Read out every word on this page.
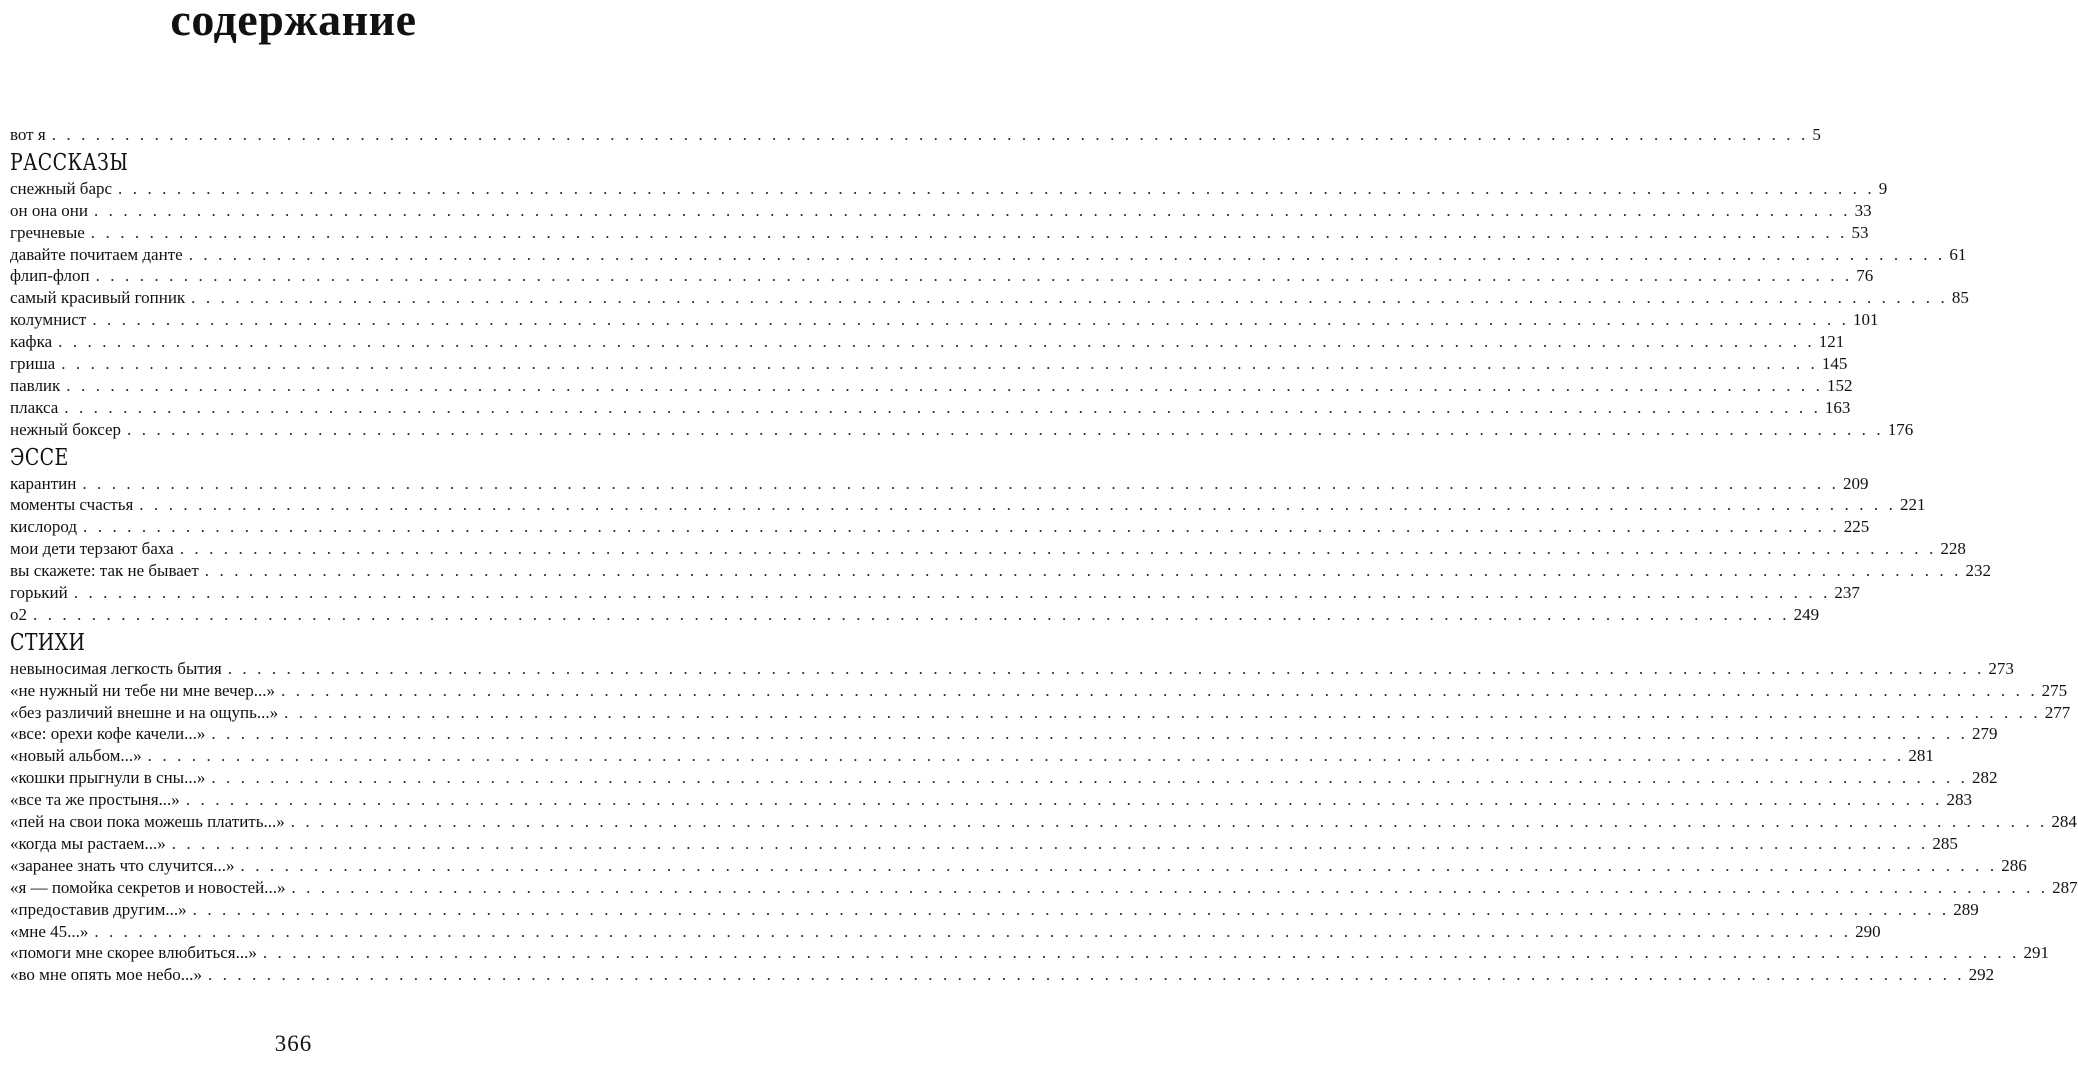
содержание
вот я . . . . . . . . . . . . . . . . . . . . . . . . . . . . . . . . . . . . . . . . . . . . . . . . . . . . . . . . . . . . . . . . . . . . . . . . . . . . . . . . . . . . . . . . . . . . . . . . . . . . . . . . . . . . . . . . . . . . . . . . 5
РАССКАЗЫ
снежный барс . . . . . . . . . . . . . . . . . . . . . . . . . . . . . . . . . . . . . . . . . . . . . . . . . . . . . . . . . . . . . . . . . . . . . . . . . . . . . . . . . . . . . . . . . . . . . . . . . . . . . . . . . . . . . . . . . . . . . . . . 9
он она они . . . . . . . . . . . . . . . . . . . . . . . . . . . . . . . . . . . . . . . . . . . . . . . . . . . . . . . . . . . . . . . . . . . . . . . . . . . . . . . . . . . . . . . . . . . . . . . . . . . . . . . . . . . . . . . . . . . . . . . . 33
гречневые . . . . . . . . . . . . . . . . . . . . . . . . . . . . . . . . . . . . . . . . . . . . . . . . . . . . . . . . . . . . . . . . . . . . . . . . . . . . . . . . . . . . . . . . . . . . . . . . . . . . . . . . . . . . . . . . . . . . . . . . 53
давайте почитаем данте . . . . . . . . . . . . . . . . . . . . . . . . . . . . . . . . . . . . . . . . . . . . . . . . . . . . . . . . . . . . . . . . . . . . . . . . . . . . . . . . . . . . . . . . . . . . . . . . . . . . . . . . . . . . . . . . . . . . . . . . 61
флип-флоп . . . . . . . . . . . . . . . . . . . . . . . . . . . . . . . . . . . . . . . . . . . . . . . . . . . . . . . . . . . . . . . . . . . . . . . . . . . . . . . . . . . . . . . . . . . . . . . . . . . . . . . . . . . . . . . . . . . . . . . . 76
самый красивый гопник . . . . . . . . . . . . . . . . . . . . . . . . . . . . . . . . . . . . . . . . . . . . . . . . . . . . . . . . . . . . . . . . . . . . . . . . . . . . . . . . . . . . . . . . . . . . . . . . . . . . . . . . . . . . . . . . . . . . . . . . 85
колумнист . . . . . . . . . . . . . . . . . . . . . . . . . . . . . . . . . . . . . . . . . . . . . . . . . . . . . . . . . . . . . . . . . . . . . . . . . . . . . . . . . . . . . . . . . . . . . . . . . . . . . . . . . . . . . . . . . . . . . . . . 101
кафка . . . . . . . . . . . . . . . . . . . . . . . . . . . . . . . . . . . . . . . . . . . . . . . . . . . . . . . . . . . . . . . . . . . . . . . . . . . . . . . . . . . . . . . . . . . . . . . . . . . . . . . . . . . . . . . . . . . . . . . . 121
гриша . . . . . . . . . . . . . . . . . . . . . . . . . . . . . . . . . . . . . . . . . . . . . . . . . . . . . . . . . . . . . . . . . . . . . . . . . . . . . . . . . . . . . . . . . . . . . . . . . . . . . . . . . . . . . . . . . . . . . . . . 145
павлик . . . . . . . . . . . . . . . . . . . . . . . . . . . . . . . . . . . . . . . . . . . . . . . . . . . . . . . . . . . . . . . . . . . . . . . . . . . . . . . . . . . . . . . . . . . . . . . . . . . . . . . . . . . . . . . . . . . . . . . . 152
плакса . . . . . . . . . . . . . . . . . . . . . . . . . . . . . . . . . . . . . . . . . . . . . . . . . . . . . . . . . . . . . . . . . . . . . . . . . . . . . . . . . . . . . . . . . . . . . . . . . . . . . . . . . . . . . . . . . . . . . . . . 163
нежный боксер . . . . . . . . . . . . . . . . . . . . . . . . . . . . . . . . . . . . . . . . . . . . . . . . . . . . . . . . . . . . . . . . . . . . . . . . . . . . . . . . . . . . . . . . . . . . . . . . . . . . . . . . . . . . . . . . . . . . . . . . 176
ЭССЕ
карантин . . . . . . . . . . . . . . . . . . . . . . . . . . . . . . . . . . . . . . . . . . . . . . . . . . . . . . . . . . . . . . . . . . . . . . . . . . . . . . . . . . . . . . . . . . . . . . . . . . . . . . . . . . . . . . . . . . . . . . . . 209
моменты счастья . . . . . . . . . . . . . . . . . . . . . . . . . . . . . . . . . . . . . . . . . . . . . . . . . . . . . . . . . . . . . . . . . . . . . . . . . . . . . . . . . . . . . . . . . . . . . . . . . . . . . . . . . . . . . . . . . . . . . . . . 221
кислород . . . . . . . . . . . . . . . . . . . . . . . . . . . . . . . . . . . . . . . . . . . . . . . . . . . . . . . . . . . . . . . . . . . . . . . . . . . . . . . . . . . . . . . . . . . . . . . . . . . . . . . . . . . . . . . . . . . . . . . . 225
мои дети терзают баха . . . . . . . . . . . . . . . . . . . . . . . . . . . . . . . . . . . . . . . . . . . . . . . . . . . . . . . . . . . . . . . . . . . . . . . . . . . . . . . . . . . . . . . . . . . . . . . . . . . . . . . . . . . . . . . . . . . . . . . . 228
вы скажете: так не бывает . . . . . . . . . . . . . . . . . . . . . . . . . . . . . . . . . . . . . . . . . . . . . . . . . . . . . . . . . . . . . . . . . . . . . . . . . . . . . . . . . . . . . . . . . . . . . . . . . . . . . . . . . . . . . . . . . . . . . . . . 232
горький . . . . . . . . . . . . . . . . . . . . . . . . . . . . . . . . . . . . . . . . . . . . . . . . . . . . . . . . . . . . . . . . . . . . . . . . . . . . . . . . . . . . . . . . . . . . . . . . . . . . . . . . . . . . . . . . . . . . . . . . 237
о2 . . . . . . . . . . . . . . . . . . . . . . . . . . . . . . . . . . . . . . . . . . . . . . . . . . . . . . . . . . . . . . . . . . . . . . . . . . . . . . . . . . . . . . . . . . . . . . . . . . . . . . . . . . . . . . . . . . . . . . . . 249
СТИХИ
невыносимая легкость бытия . . . . . . . . . . . . . . . . . . . . . . . . . . . . . . . . . . . . . . . . . . . . . . . . . . . . . . . . . . . . . . . . . . . . . . . . . . . . . . . . . . . . . . . . . . . . . . . . . . . . . . . . . . . . . . . . . . . . . . . . 273
«не нужный ни тебе ни мне вечер...» . . . . . . . . . . . . . . . . . . . . . . . . . . . . . . . . . . . . . . . . . . . . . . . . . . . . . . . . . . . . . . . . . . . . . . . . . . . . . . . . . . . . . . . . . . . . . . . . . . . . . . . . . . . . . . . . . . . . . . . . 275
«без различий внешне и на ощупь...» . . . . . . . . . . . . . . . . . . . . . . . . . . . . . . . . . . . . . . . . . . . . . . . . . . . . . . . . . . . . . . . . . . . . . . . . . . . . . . . . . . . . . . . . . . . . . . . . . . . . . . . . . . . . . . . . . . . . . . . . 277
«все: орехи кофе качели...» . . . . . . . . . . . . . . . . . . . . . . . . . . . . . . . . . . . . . . . . . . . . . . . . . . . . . . . . . . . . . . . . . . . . . . . . . . . . . . . . . . . . . . . . . . . . . . . . . . . . . . . . . . . . . . . . . . . . . . . . 279
«новый альбом...» . . . . . . . . . . . . . . . . . . . . . . . . . . . . . . . . . . . . . . . . . . . . . . . . . . . . . . . . . . . . . . . . . . . . . . . . . . . . . . . . . . . . . . . . . . . . . . . . . . . . . . . . . . . . . . . . . . . . . . . . 281
«кошки прыгнули в сны...» . . . . . . . . . . . . . . . . . . . . . . . . . . . . . . . . . . . . . . . . . . . . . . . . . . . . . . . . . . . . . . . . . . . . . . . . . . . . . . . . . . . . . . . . . . . . . . . . . . . . . . . . . . . . . . . . . . . . . . . . 282
«все та же простыня...» . . . . . . . . . . . . . . . . . . . . . . . . . . . . . . . . . . . . . . . . . . . . . . . . . . . . . . . . . . . . . . . . . . . . . . . . . . . . . . . . . . . . . . . . . . . . . . . . . . . . . . . . . . . . . . . . . . . . . . . . 283
«пей на свои пока можешь платить...» . . . . . . . . . . . . . . . . . . . . . . . . . . . . . . . . . . . . . . . . . . . . . . . . . . . . . . . . . . . . . . . . . . . . . . . . . . . . . . . . . . . . . . . . . . . . . . . . . . . . . . . . . . . . . . . . . . . . . . . . 284
«когда мы растаем...» . . . . . . . . . . . . . . . . . . . . . . . . . . . . . . . . . . . . . . . . . . . . . . . . . . . . . . . . . . . . . . . . . . . . . . . . . . . . . . . . . . . . . . . . . . . . . . . . . . . . . . . . . . . . . . . . . . . . . . . . 285
«заранее знать что случится...» . . . . . . . . . . . . . . . . . . . . . . . . . . . . . . . . . . . . . . . . . . . . . . . . . . . . . . . . . . . . . . . . . . . . . . . . . . . . . . . . . . . . . . . . . . . . . . . . . . . . . . . . . . . . . . . . . . . . . . . . 286
«я — помойка секретов и новостей...» . . . . . . . . . . . . . . . . . . . . . . . . . . . . . . . . . . . . . . . . . . . . . . . . . . . . . . . . . . . . . . . . . . . . . . . . . . . . . . . . . . . . . . . . . . . . . . . . . . . . . . . . . . . . . . . . . . . . . . . . 287
«предоставив другим...» . . . . . . . . . . . . . . . . . . . . . . . . . . . . . . . . . . . . . . . . . . . . . . . . . . . . . . . . . . . . . . . . . . . . . . . . . . . . . . . . . . . . . . . . . . . . . . . . . . . . . . . . . . . . . . . . . . . . . . . . 289
«мне 45...» . . . . . . . . . . . . . . . . . . . . . . . . . . . . . . . . . . . . . . . . . . . . . . . . . . . . . . . . . . . . . . . . . . . . . . . . . . . . . . . . . . . . . . . . . . . . . . . . . . . . . . . . . . . . . . . . . . . . . . . . 290
«помоги мне скорее влюбиться...» . . . . . . . . . . . . . . . . . . . . . . . . . . . . . . . . . . . . . . . . . . . . . . . . . . . . . . . . . . . . . . . . . . . . . . . . . . . . . . . . . . . . . . . . . . . . . . . . . . . . . . . . . . . . . . . . . . . . . . . . 291
«во мне опять мое небо...» . . . . . . . . . . . . . . . . . . . . . . . . . . . . . . . . . . . . . . . . . . . . . . . . . . . . . . . . . . . . . . . . . . . . . . . . . . . . . . . . . . . . . . . . . . . . . . . . . . . . . . . . . . . . . . . . . . . . . . . . 292
366
